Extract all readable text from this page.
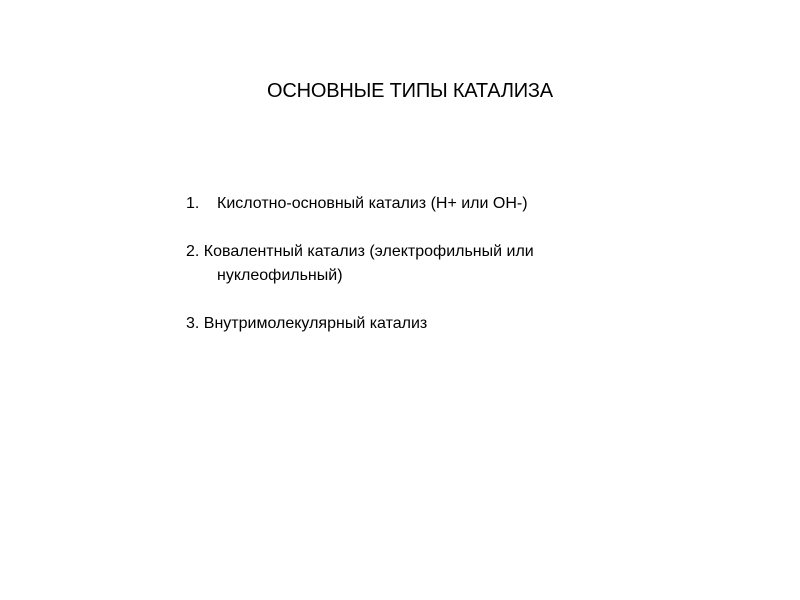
ОСНОВНЫЕ ТИПЫ КАТАЛИЗА

1. Кислотно-основный катализ (Н+ или ОН-)

2. Ковалентный катализ (электрофильный или
нуклеофильный)

3. Внутримолекулярный катализ
